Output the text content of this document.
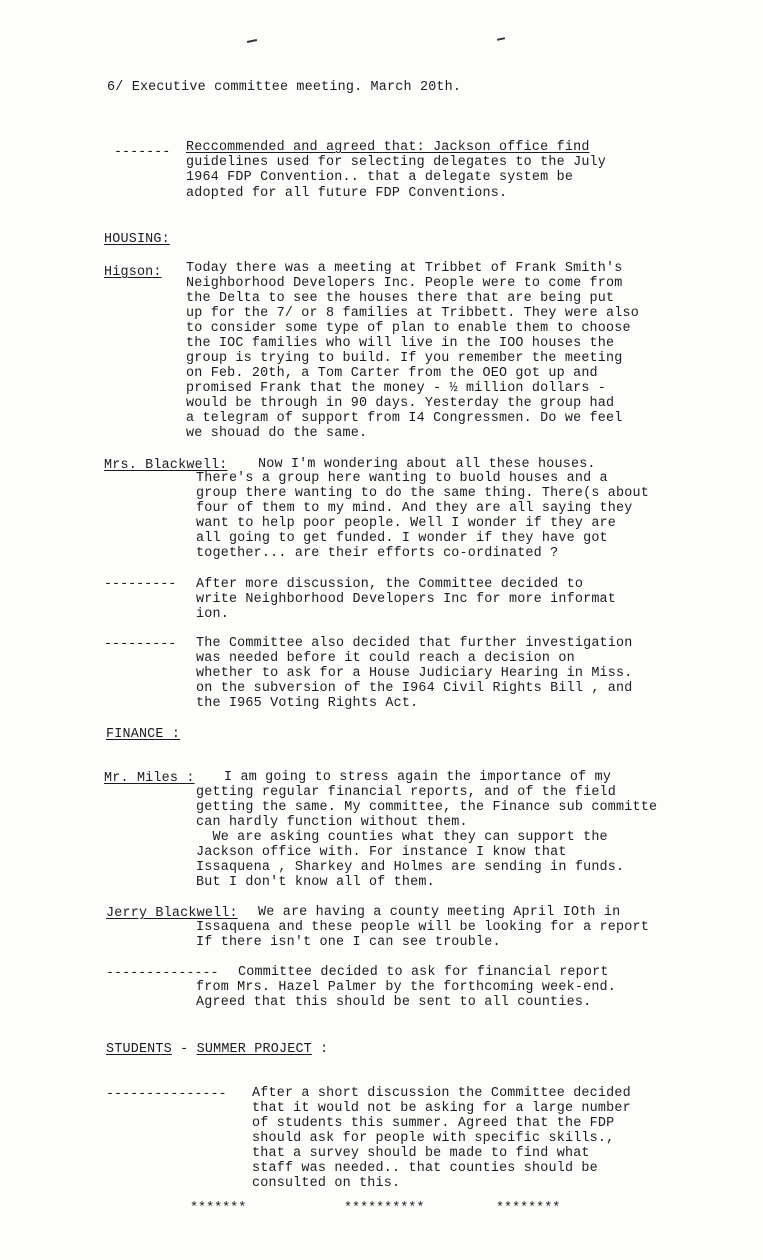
6/ Executive committee meeting. March 20th.
------- Reccommended and agreed that: Jackson office find
guidelines used for selecting delegates to the July
1964 FDP Convention.. that a delegate system be
adopted for all future FDP Conventions.
HOUSING:
Higson: Today there was a meeting at Tribbet of Frank Smith's
Neighborhood Developers Inc. People were to come from
the Delta to see the houses there that are being put
up for the 7/ or 8 families at Tribbett. They were also
to consider some type of plan to enable them to choose
the IOC families who will live in the IOO houses the
group is trying to build. If you remember the meeting
on Feb. 20th, a Tom Carter from the OEO got up and
promised Frank that the money - ½ million dollars -
would be through in 90 days. Yesterday the group had
a telegram of support from I4 Congressmen. Do we feel
we shouad do the same.
Mrs. Blackwell: Now I'm wondering about all these houses.
There's a group here wanting to buold houses and a
group there wanting to do the same thing. There(s about
four of them to my mind. And they are all saying they
want to help poor people. Well I wonder if they are
all going to get funded. I wonder if they have got
together... are their efforts co-ordinated ?
--------- After more discussion, the Committee decided to
write Neighborhood Developers Inc for more informat
ion.
--------- The Committee also decided that further investigation
was needed before it could reach a decision on
whether to ask for a House Judiciary Hearing in Miss.
on the subversion of the I964 Civil Rights Bill , and
the I965 Voting Rights Act.
FINANCE :
Mr. Miles : I am going to stress again the importance of my
getting regular financial reports, and of the field
getting the same. My committee, the Finance sub committe
can hardly function without them.
We are asking counties what they can support the
Jackson office with. For instance I know that
Issaquena , Sharkey and Holmes are sending in funds.
But I don't know all of them.
Jerry Blackwell: We are having a county meeting April IOth in
Issaquena and these people will be looking for a report
If there isn't one I can see trouble.
-------------- Committee decided to ask for financial report
from Mrs. Hazel Palmer by the forthcoming week-end.
Agreed that this should be sent to all counties.
STUDENTS - SUMMER PROJECT :
--------------- After a short discussion the Committee decided
that it would not be asking for a large number
of students this summer. Agreed that the FDP
should ask for people with specific skills.,
that a survey should be made to find what
staff was needed.. that counties should be
consulted on this.
*******	**********	********
